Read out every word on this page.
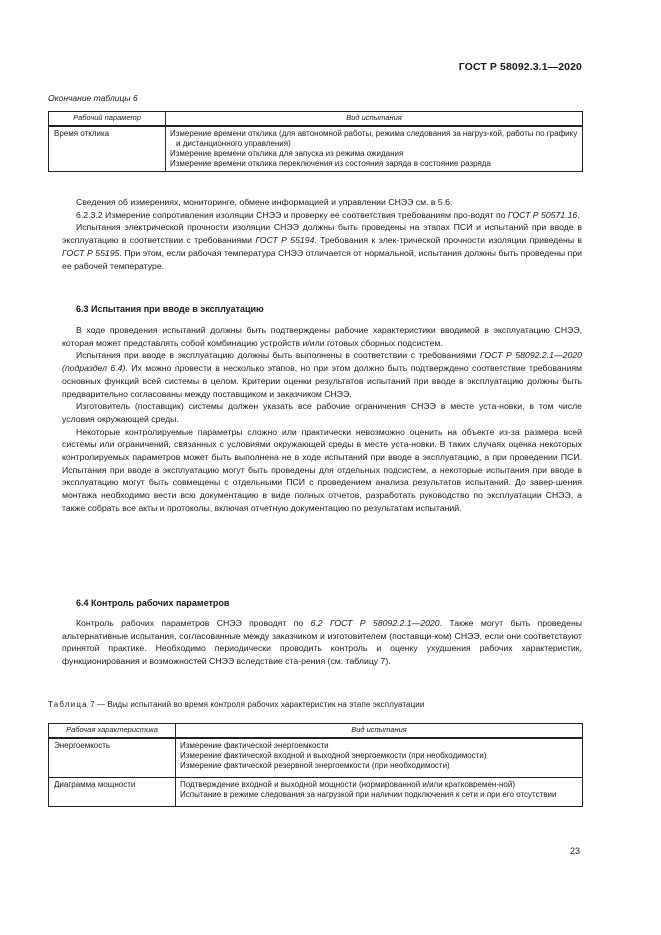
ГОСТ Р 58092.3.1—2020
Окончание таблицы 6
Рабочий параметр	Вид испытания
Время отклика	Измерение времени отклика (для автономной работы, режима следования за нагруз-кой, работы по графику и дистанционного управления)
Измерение времени отклика для запуска из режима ожидания
Измерение времени отклика переключения из состояния заряда в состояние разряда

Сведения об измерениях, мониторинге, обмене информацией и управлении СНЭЭ см. в 5.6.

6.2.3.2 Измерение сопротивления изоляции СНЭЭ и проверку ее соответствия требованиям про-водят по ГОСТ Р 50571.16.

Испытания электрической прочности изоляции СНЭЭ должны быть проведены на этапах ПСИ и испытаний при вводе в эксплуатацию в соответствии с требованиями ГОСТ Р 55194. Требования к элек-трической прочности изоляции приведены в ГОСТ Р 55195. При этом, если рабочая температура СНЭЭ отличается от нормальной, испытания должны быть проведены при ее рабочей температуре.

6.3 Испытания при вводе в эксплуатацию

В ходе проведения испытаний должны быть подтверждены рабочие характеристики вводимой в эксплуатацию СНЭЭ, которая может представлять собой комбинацию устройств и/или готовых сборных подсистем.

Испытания при вводе в эксплуатацию должны быть выполнены в соответствии с требованиями ГОСТ Р 58092.2.1—2020 (подраздел 6.4). Их можно провести в несколько этапов, но при этом должно быть подтверждено соответствие требованиям основных функций всей системы в целом. Критерии оценки результатов испытаний при вводе в эксплуатацию должны быть предварительно согласованы между поставщиком и заказчиком СНЭЭ.

Изготовитель (поставщик) системы должен указать все рабочие ограничения СНЭЭ в месте уста-новки, в том числе условия окружающей среды.

Некоторые контролируемые параметры сложно или практически невозможно оценить на объекте из-за размера всей системы или ограничений, связанных с условиями окружающей среды в месте уста-новки. В таких случаях оценка некоторых контролируемых параметров может быть выполнена не в ходе испытаний при вводе в эксплуатацию, а при проведении ПСИ. Испытания при вводе в эксплуатацию могут быть проведены для отдельных подсистем, а некоторые испытания при вводе в эксплуатацию могут быть совмещены с отдельными ПСИ с проведением анализа результатов испытаний. До завер-шения монтажа необходимо вести всю документацию в виде полных отчетов, разработать руководство по эксплуатации СНЭЭ, а также собрать все акты и протоколы, включая отчетную документацию по результатам испытаний.

6.4 Контроль рабочих параметров

Контроль рабочих параметров СНЭЭ проводят по 6.2 ГОСТ Р 58092.2.1—2020. Также могут быть проведены альтернативные испытания, согласованные между заказчиком и изготовителем (поставщи-ком) СНЭЭ, если они соответствуют принятой практике. Необходимо периодически проводить контроль и оценку ухудшения рабочих характеристик, функционирования и возможностей СНЭЭ вследствие ста-рения (см. таблицу 7).

Таблица 7 — Виды испытаний во время контроля рабочих характеристик на этапе эксплуатации
Рабочая характеристика	Вид испытания
Энергоемкость	Измерение фактической энергоемкости
Измерение фактической входной и выходной энергоемкости (при необходимости)
Измерение фактической резервной энергоемкости (при необходимости)

Диаграмма мощности	Подтверждение входной и выходной мощности (нормированной и/или кратковремен-ной)
Испытание в режиме следования за нагрузкой при наличии подключения к сети и при его отсутствии
23
